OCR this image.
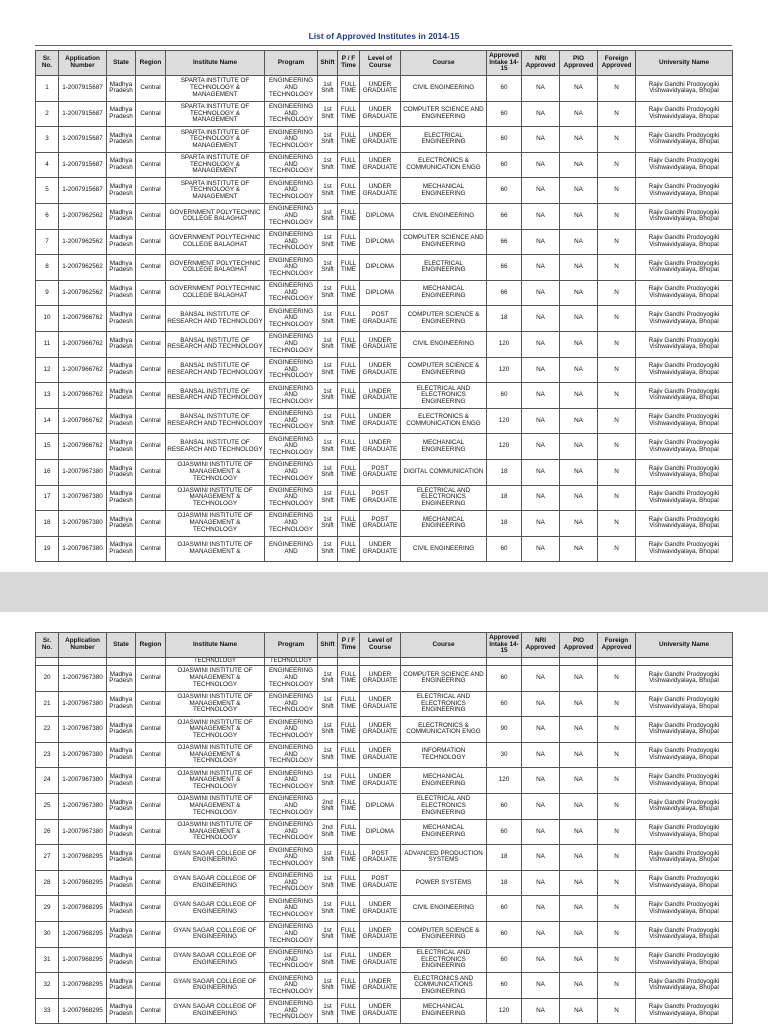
List of Approved Institutes in 2014-15
Sr. No.	Application Number	State	Region	Institute Name	Program	Shift	P / F Time	Level of Course	Course	Approved Intake 14-15	NRI Approved	PIO Approved	Foreign Approved	University Name
1	1-2007915687	Madhya Pradesh	Central	SPARTA INSTITUTE OF TECHNOLOGY & MANAGEMENT	ENGINEERING AND TECHNOLOGY	1st Shift	FULL TIME	UNDER GRADUATE	CIVIL ENGINEERING	60	NA	NA	N	Rajiv Gandhi Prodoyogiki Vishwavidyalaya, Bhopal
2	1-2007915687	Madhya Pradesh	Central	SPARTA INSTITUTE OF TECHNOLOGY & MANAGEMENT	ENGINEERING AND TECHNOLOGY	1st Shift	FULL TIME	UNDER GRADUATE	COMPUTER SCIENCE AND ENGINEERING	60	NA	NA	N	Rajiv Gandhi Prodoyogiki Vishwavidyalaya, Bhopal
3	1-2007915687	Madhya Pradesh	Central	SPARTA INSTITUTE OF TECHNOLOGY & MANAGEMENT	ENGINEERING AND TECHNOLOGY	1st Shift	FULL TIME	UNDER GRADUATE	ELECTRICAL ENGINEERING	60	NA	NA	N	Rajiv Gandhi Prodoyogiki Vishwavidyalaya, Bhopal
4	1-2007915687	Madhya Pradesh	Central	SPARTA INSTITUTE OF TECHNOLOGY & MANAGEMENT	ENGINEERING AND TECHNOLOGY	1st Shift	FULL TIME	UNDER GRADUATE	ELECTRONICS & COMMUNICATION ENGG	60	NA	NA	N	Rajiv Gandhi Prodoyogiki Vishwavidyalaya, Bhopal
5	1-2007915687	Madhya Pradesh	Central	SPARTA INSTITUTE OF TECHNOLOGY & MANAGEMENT	ENGINEERING AND TECHNOLOGY	1st Shift	FULL TIME	UNDER GRADUATE	MECHANICAL ENGINEERING	60	NA	NA	N	Rajiv Gandhi Prodoyogiki Vishwavidyalaya, Bhopal
6	1-2007962562	Madhya Pradesh	Central	GOVERNMENT POLYTECHNIC COLLEGE BALAGHAT	ENGINEERING AND TECHNOLOGY	1st Shift	FULL TIME	DIPLOMA	CIVIL ENGINEERING	66	NA	NA	N	Rajiv Gandhi Prodoyogiki Vishwavidyalaya, Bhopal
7	1-2007962562	Madhya Pradesh	Central	GOVERNMENT POLYTECHNIC COLLEGE BALAGHAT	ENGINEERING AND TECHNOLOGY	1st Shift	FULL TIME	DIPLOMA	COMPUTER SCIENCE AND ENGINEERING	66	NA	NA	N	Rajiv Gandhi Prodoyogiki Vishwavidyalaya, Bhopal
8	1-2007962562	Madhya Pradesh	Central	GOVERNMENT POLYTECHNIC COLLEGE BALAGHAT	ENGINEERING AND TECHNOLOGY	1st Shift	FULL TIME	DIPLOMA	ELECTRICAL ENGINEERING	66	NA	NA	N	Rajiv Gandhi Prodoyogiki Vishwavidyalaya, Bhopal
9	1-2007962562	Madhya Pradesh	Central	GOVERNMENT POLYTECHNIC COLLEGE BALAGHAT	ENGINEERING AND TECHNOLOGY	1st Shift	FULL TIME	DIPLOMA	MECHANICAL ENGINEERING	66	NA	NA	N	Rajiv Gandhi Prodoyogiki Vishwavidyalaya, Bhopal
10	1-2007966762	Madhya Pradesh	Central	BANSAL INSTITUTE OF RESEARCH AND TECHNOLOGY	ENGINEERING AND TECHNOLOGY	1st Shift	FULL TIME	POST GRADUATE	COMPUTER SCIENCE & ENGINEERING	18	NA	NA	N	Rajiv Gandhi Prodoyogiki Vishwavidyalaya, Bhopal
11	1-2007966762	Madhya Pradesh	Central	BANSAL INSTITUTE OF RESEARCH AND TECHNOLOGY	ENGINEERING AND TECHNOLOGY	1st Shift	FULL TIME	UNDER GRADUATE	CIVIL ENGINEERING	120	NA	NA	N	Rajiv Gandhi Prodoyogiki Vishwavidyalaya, Bhopal
12	1-2007966762	Madhya Pradesh	Central	BANSAL INSTITUTE OF RESEARCH AND TECHNOLOGY	ENGINEERING AND TECHNOLOGY	1st Shift	FULL TIME	UNDER GRADUATE	COMPUTER SCIENCE & ENGINEERING	120	NA	NA	N	Rajiv Gandhi Prodoyogiki Vishwavidyalaya, Bhopal
13	1-2007966762	Madhya Pradesh	Central	BANSAL INSTITUTE OF RESEARCH AND TECHNOLOGY	ENGINEERING AND TECHNOLOGY	1st Shift	FULL TIME	UNDER GRADUATE	ELECTRICAL AND ELECTRONICS ENGINEERING	60	NA	NA	N	Rajiv Gandhi Prodoyogiki Vishwavidyalaya, Bhopal
14	1-2007966762	Madhya Pradesh	Central	BANSAL INSTITUTE OF RESEARCH AND TECHNOLOGY	ENGINEERING AND TECHNOLOGY	1st Shift	FULL TIME	UNDER GRADUATE	ELECTRONICS & COMMUNICATION ENGG	120	NA	NA	N	Rajiv Gandhi Prodoyogiki Vishwavidyalaya, Bhopal
15	1-2007966762	Madhya Pradesh	Central	BANSAL INSTITUTE OF RESEARCH AND TECHNOLOGY	ENGINEERING AND TECHNOLOGY	1st Shift	FULL TIME	UNDER GRADUATE	MECHANICAL ENGINEERING	120	NA	NA	N	Rajiv Gandhi Prodoyogiki Vishwavidyalaya, Bhopal
16	1-2007967380	Madhya Pradesh	Central	OJASWINI INSTITUTE OF MANAGEMENT & TECHNOLOGY	ENGINEERING AND TECHNOLOGY	1st Shift	FULL TIME	POST GRADUATE	DIGITAL COMMUNICATION	18	NA	NA	N	Rajiv Gandhi Prodoyogiki Vishwavidyalaya, Bhopal
17	1-2007967380	Madhya Pradesh	Central	OJASWINI INSTITUTE OF MANAGEMENT & TECHNOLOGY	ENGINEERING AND TECHNOLOGY	1st Shift	FULL TIME	POST GRADUATE	ELECTRICAL AND ELECTRONICS ENGINEERING	18	NA	NA	N	Rajiv Gandhi Prodoyogiki Vishwavidyalaya, Bhopal
18	1-2007967380	Madhya Pradesh	Central	OJASWINI INSTITUTE OF MANAGEMENT & TECHNOLOGY	ENGINEERING AND TECHNOLOGY	1st Shift	FULL TIME	POST GRADUATE	MECHANICAL ENGINEERING	18	NA	NA	N	Rajiv Gandhi Prodoyogiki Vishwavidyalaya, Bhopal
19	1-2007967380	Madhya Pradesh	Central	OJASWINI INSTITUTE OF MANAGEMENT &	ENGINEERING AND	1st Shift	FULL TIME	UNDER GRADUATE	CIVIL ENGINEERING	60	NA	NA	N	Rajiv Gandhi Prodoyogiki Vishwavidyalaya, Bhopal
Sr. No.	Application Number	State	Region	Institute Name	Program	Shift	P / F Time	Level of Course	Course	Approved Intake 14-15	NRI Approved	PIO Approved	Foreign Approved	University Name
				TECHNOLOGY	TECHNOLOGY									
20	1-2007967380	Madhya Pradesh	Central	OJASWINI INSTITUTE OF MANAGEMENT & TECHNOLOGY	ENGINEERING AND TECHNOLOGY	1st Shift	FULL TIME	UNDER GRADUATE	COMPUTER SCIENCE AND ENGINEERING	60	NA	NA	N	Rajiv Gandhi Prodoyogiki Vishwavidyalaya, Bhopal
21	1-2007967380	Madhya Pradesh	Central	OJASWINI INSTITUTE OF MANAGEMENT & TECHNOLOGY	ENGINEERING AND TECHNOLOGY	1st Shift	FULL TIME	UNDER GRADUATE	ELECTRICAL AND ELECTRONICS ENGINEERING	60	NA	NA	N	Rajiv Gandhi Prodoyogiki Vishwavidyalaya, Bhopal
22	1-2007967380	Madhya Pradesh	Central	OJASWINI INSTITUTE OF MANAGEMENT & TECHNOLOGY	ENGINEERING AND TECHNOLOGY	1st Shift	FULL TIME	UNDER GRADUATE	ELECTRONICS & COMMUNICATION ENGG	90	NA	NA	N	Rajiv Gandhi Prodoyogiki Vishwavidyalaya, Bhopal
23	1-2007967380	Madhya Pradesh	Central	OJASWINI INSTITUTE OF MANAGEMENT & TECHNOLOGY	ENGINEERING AND TECHNOLOGY	1st Shift	FULL TIME	UNDER GRADUATE	INFORMATION TECHNOLOGY	30	NA	NA	N	Rajiv Gandhi Prodoyogiki Vishwavidyalaya, Bhopal
24	1-2007967380	Madhya Pradesh	Central	OJASWINI INSTITUTE OF MANAGEMENT & TECHNOLOGY	ENGINEERING AND TECHNOLOGY	1st Shift	FULL TIME	UNDER GRADUATE	MECHANICAL ENGINEERING	120	NA	NA	N	Rajiv Gandhi Prodoyogiki Vishwavidyalaya, Bhopal
25	1-2007967380	Madhya Pradesh	Central	OJASWINI INSTITUTE OF MANAGEMENT & TECHNOLOGY	ENGINEERING AND TECHNOLOGY	2nd Shift	FULL TIME	DIPLOMA	ELECTRICAL AND ELECTRONICS ENGINEERING	60	NA	NA	N	Rajiv Gandhi Prodoyogiki Vishwavidyalaya, Bhopal
26	1-2007967380	Madhya Pradesh	Central	OJASWINI INSTITUTE OF MANAGEMENT & TECHNOLOGY	ENGINEERING AND TECHNOLOGY	2nd Shift	FULL TIME	DIPLOMA	MECHANICAL ENGINEERING	60	NA	NA	N	Rajiv Gandhi Prodoyogiki Vishwavidyalaya, Bhopal
27	1-2007968295	Madhya Pradesh	Central	GYAN SAGAR COLLEGE OF ENGINEERING	ENGINEERING AND TECHNOLOGY	1st Shift	FULL TIME	POST GRADUATE	ADVANCED PRODUCTION SYSTEMS	18	NA	NA	N	Rajiv Gandhi Prodoyogiki Vishwavidyalaya, Bhopal
28	1-2007968295	Madhya Pradesh	Central	GYAN SAGAR COLLEGE OF ENGINEERING	ENGINEERING AND TECHNOLOGY	1st Shift	FULL TIME	POST GRADUATE	POWER SYSTEMS	18	NA	NA	N	Rajiv Gandhi Prodoyogiki Vishwavidyalaya, Bhopal
29	1-2007968295	Madhya Pradesh	Central	GYAN SAGAR COLLEGE OF ENGINEERING	ENGINEERING AND TECHNOLOGY	1st Shift	FULL TIME	UNDER GRADUATE	CIVIL ENGINEERING	60	NA	NA	N	Rajiv Gandhi Prodoyogiki Vishwavidyalaya, Bhopal
30	1-2007968295	Madhya Pradesh	Central	GYAN SAGAR COLLEGE OF ENGINEERING	ENGINEERING AND TECHNOLOGY	1st Shift	FULL TIME	UNDER GRADUATE	COMPUTER SCIENCE & ENGINEERING	60	NA	NA	N	Rajiv Gandhi Prodoyogiki Vishwavidyalaya, Bhopal
31	1-2007968295	Madhya Pradesh	Central	GYAN SAGAR COLLEGE OF ENGINEERING	ENGINEERING AND TECHNOLOGY	1st Shift	FULL TIME	UNDER GRADUATE	ELECTRICAL AND ELECTRONICS ENGINEERING	60	NA	NA	N	Rajiv Gandhi Prodoyogiki Vishwavidyalaya, Bhopal
32	1-2007968295	Madhya Pradesh	Central	GYAN SAGAR COLLEGE OF ENGINEERING	ENGINEERING AND TECHNOLOGY	1st Shift	FULL TIME	UNDER GRADUATE	ELECTRONICS AND COMMUNICATIONS ENGINEERING	60	NA	NA	N	Rajiv Gandhi Prodoyogiki Vishwavidyalaya, Bhopal
33	1-2007968295	Madhya Pradesh	Central	GYAN SAGAR COLLEGE OF ENGINEERING	ENGINEERING AND TECHNOLOGY	1st Shift	FULL TIME	UNDER GRADUATE	MECHANICAL ENGINEERING	120	NA	NA	N	Rajiv Gandhi Prodoyogiki Vishwavidyalaya, Bhopal
